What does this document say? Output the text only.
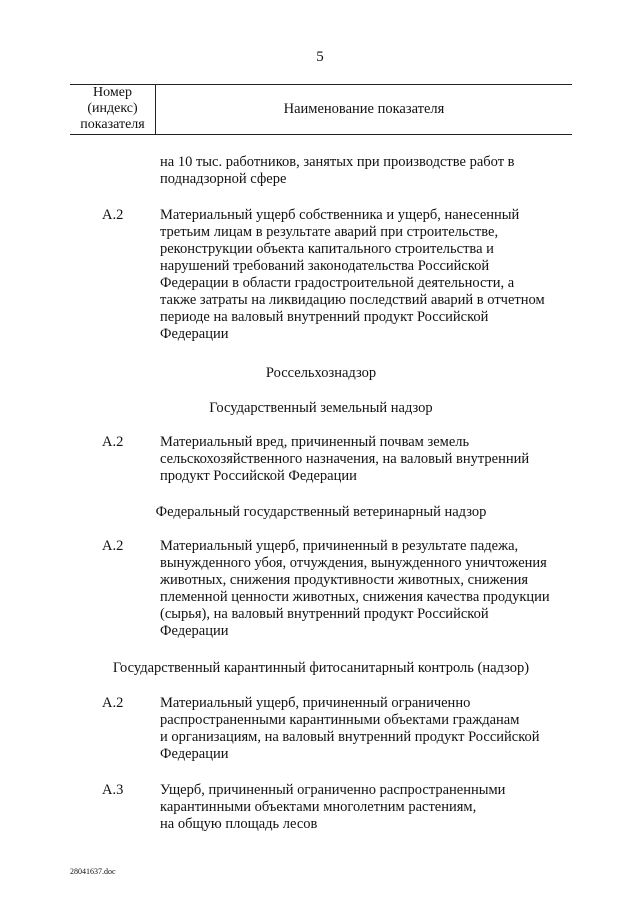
5
Номер
(индекс)
показателя
Наименование показателя
на 10 тыс. работников, занятых при производстве работ в
поднадзорной сфере
А.2	Материальный ущерб собственника и ущерб, нанесенный
третьим лицам в результате аварий при строительстве,
реконструкции объекта капитального строительства и
нарушений требований законодательства Российской
Федерации в области градостроительной деятельности, а
также затраты на ликвидацию последствий аварий в отчетном
периоде на валовый внутренний продукт Российской
Федерации
Россельхознадзор
Государственный земельный надзор
А.2	Материальный вред, причиненный почвам земель
сельскохозяйственного назначения, на валовый внутренний
продукт Российской Федерации
Федеральный государственный ветеринарный надзор
А.2	Материальный ущерб, причиненный в результате падежа,
вынужденного убоя, отчуждения, вынужденного уничтожения
животных, снижения продуктивности животных, снижения
племенной ценности животных, снижения качества продукции
(сырья), на валовый внутренний продукт Российской
Федерации
Государственный карантинный фитосанитарный контроль (надзор)
А.2	Материальный ущерб, причиненный ограниченно
распространенными карантинными объектами гражданам
и организациям, на валовый внутренний продукт Российской
Федерации
А.3	Ущерб, причиненный ограниченно распространенными
карантинными объектами многолетним растениям,
на общую площадь лесов
28041637.doc
